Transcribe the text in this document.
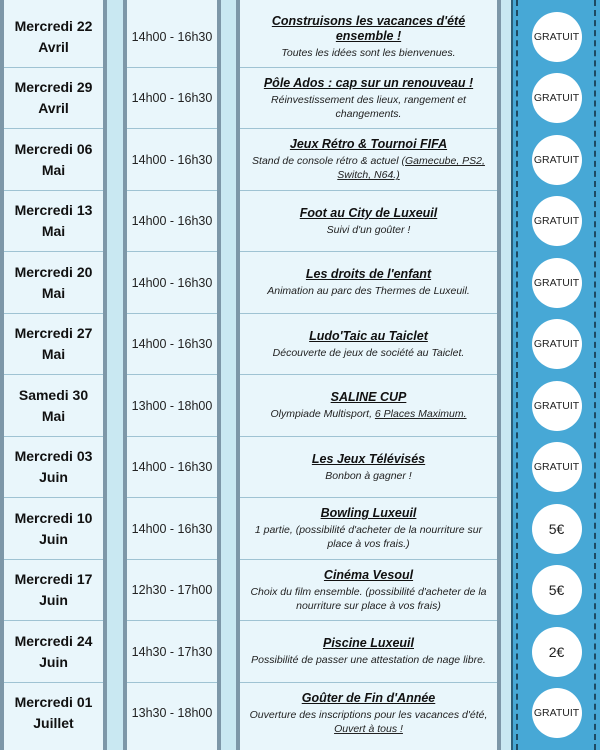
Mercredi 22 Avril
Mercredi 29 Avril
Mercredi 06 Mai
Mercredi 13 Mai
Mercredi 20 Mai
Mercredi 27 Mai
Samedi 30 Mai
Mercredi 03 Juin
Mercredi 10 Juin
Mercredi 17 Juin
Mercredi 24 Juin
Mercredi 01 Juillet
14h00 - 16h30
14h00 - 16h30
14h00 - 16h30
14h00 - 16h30
14h00 - 16h30
14h00 - 16h30
13h00 - 18h00
14h00 - 16h30
14h00 - 16h30
12h30 - 17h00
14h30 - 17h30
13h30 - 18h00
Construisons les vacances d'été ensemble !
Toutes les idées sont les bienvenues.
Pôle Ados : cap sur un renouveau !
Réinvestissement des lieux, rangement et changements.
Jeux Rétro & Tournoi FIFA
Stand de console rétro & actuel (Gamecube, PS2, Switch, N64.)
Foot au City de Luxeuil
Suivi d'un goûter !
Les droits de l'enfant
Animation au parc des Thermes de Luxeuil.
Ludo'Taic au Taiclet
Découverte de jeux de société au Taiclet.
SALINE CUP
Olympiade Multisport, 6 Places Maximum.
Les Jeux Télévisés
Bonbon à gagner !
Bowling Luxeuil
1 partie, (possibilité d'acheter de la nourriture sur place à vos frais.)
Cinéma Vesoul
Choix du film ensemble. (possibilité d'acheter de la nourriture sur place à vos frais)
Piscine Luxeuil
Possibilité de passer une attestation de nage libre.
Goûter de Fin d'Année
Ouverture des inscriptions pour les vacances d'été, Ouvert à tous !
GRATUIT
GRATUIT
GRATUIT
GRATUIT
GRATUIT
GRATUIT
GRATUIT
GRATUIT
5€
5€
2€
GRATUIT
